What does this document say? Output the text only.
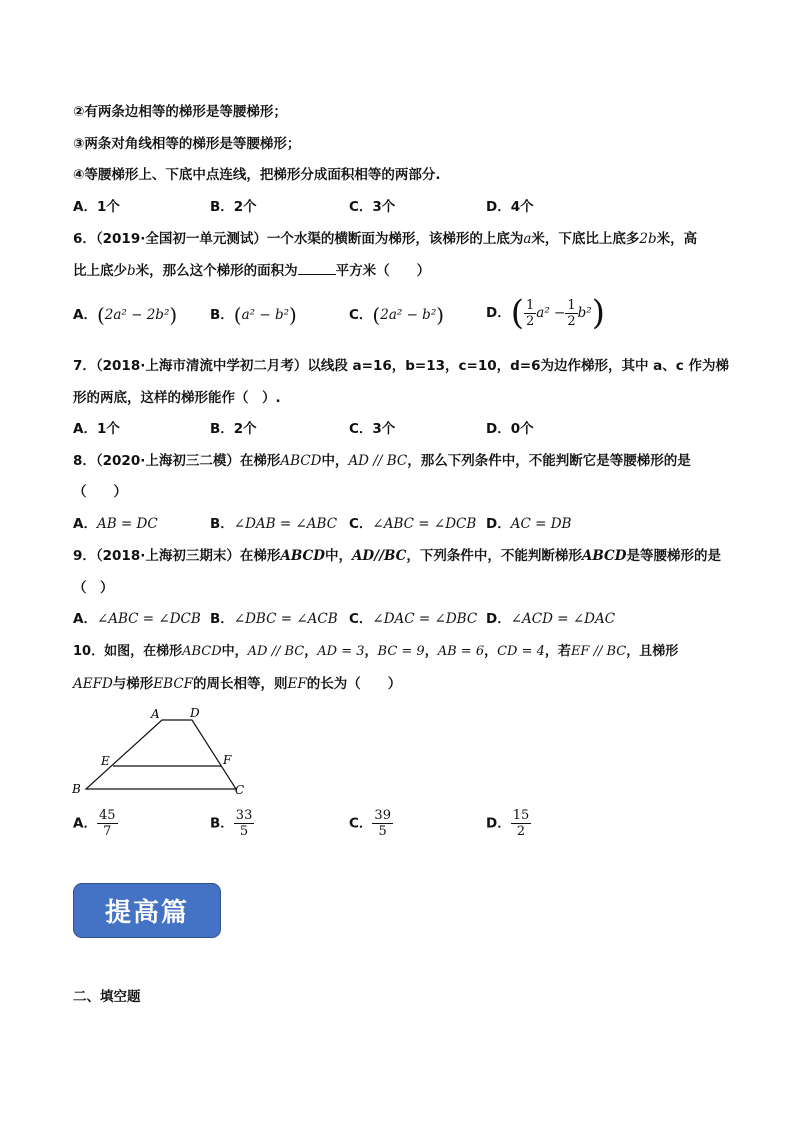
②有两条边相等的梯形是等腰梯形；
③两条对角线相等的梯形是等腰梯形；
④等腰梯形上、下底中点连线，把梯形分成面积相等的两部分.
A．1个	B．2个	C．3个	D．4个
6．（2019·全国初一单元测试）一个水渠的横断面为梯形，该梯形的上底为a米，下底比上底多2b米，高
比上底少b米，那么这个梯形的面积为	平方米（　　）
A．(2a² − 2b²) B．(a² − b²)	C．(2a² − b²)	D．( $\frac{1}{2} a^2 - \frac{1}{2} b^2$)
7．（2018·上海市清流中学初二月考）以线段 a=16，b=13，c=10，d=6为边作梯形，其中 a、c 作为梯
形的两底，这样的梯形能作（　）.
A．1个	B．2个	C．3个	D．0个
8．（2020·上海初三二模）在梯形ABCD中，AD // BC，那么下列条件中，不能判断它是等腰梯形的是
（　　）
A．AB = DC	B．∠DAB = ∠ABC C．∠ABC = ∠DCB D．AC = DB
9．（2018·上海初三期末）在梯形ABCD中，AD//BC，下列条件中，不能判断梯形ABCD是等腰梯形的是
（　）
A．∠ABC = ∠DCB B．∠DBC = ∠ACB C．∠DAC = ∠DBC D．∠ACD = ∠DAC
10．如图，在梯形ABCD中，AD // BC，AD = 3，BC = 9，AB = 6，CD = 4，若EF // BC，且梯形
AEFD与梯形EBCF的周长相等，则EF的长为（　　）
A	D
E	F
B	C
A． $\frac{45}{7}$	B． $\frac{33}{5}$	C． $\frac{39}{5}$	D． $\frac{15}{2}$
提高篇
二、填空题
